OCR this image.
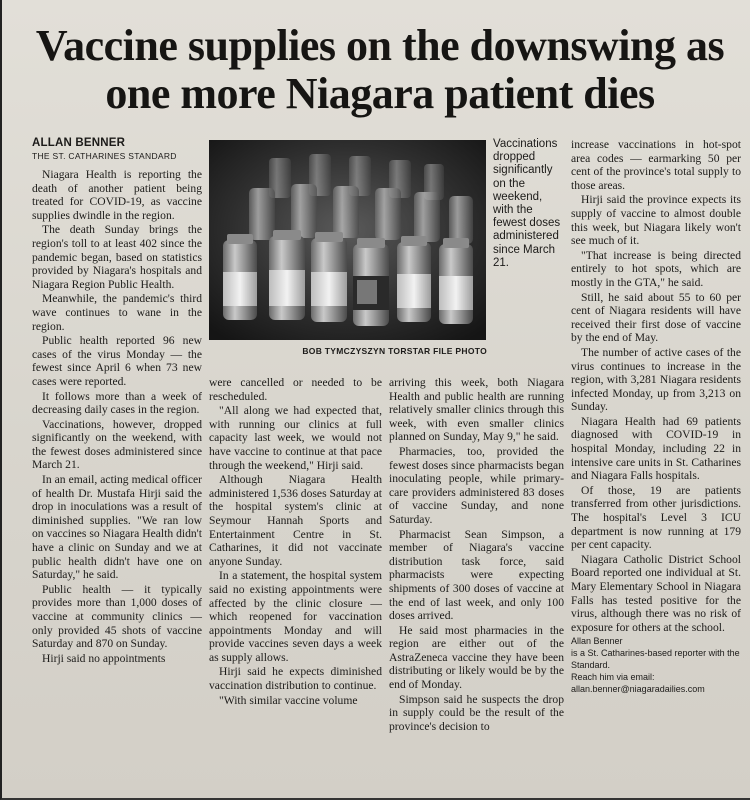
Vaccine supplies on the downswing as one more Niagara patient dies
ALLAN BENNER
THE ST. CATHARINES STANDARD

Niagara Health is reporting the death of another patient being treated for COVID-19, as vaccine supplies dwindle in the region.

The death Sunday brings the region's toll to at least 402 since the pandemic began, based on statistics provided by Niagara's hospitals and Niagara Region Public Health.

Meanwhile, the pandemic's third wave continues to wane in the region.

Public health reported 96 new cases of the virus Monday — the fewest since April 6 when 73 new cases were reported.

It follows more than a week of decreasing daily cases in the region.

Vaccinations, however, dropped significantly on the weekend, with the fewest doses administered since March 21.

In an email, acting medical officer of health Dr. Mustafa Hirji said the drop in inoculations was a result of diminished supplies. "We ran low on vaccines so Niagara Health didn't have a clinic on Sunday and we at public health didn't have one on Saturday," he said.

Public health — it typically provides more than 1,000 doses of vaccine at community clinics — only provided 45 shots of vaccine Saturday and 870 on Sunday.

Hirji said no appointments

Vaccinations dropped significantly on the weekend, with the fewest doses administered since March 21.
BOB TYMCZYSZYN TORSTAR FILE PHOTO

were cancelled or needed to be rescheduled.

"All along we had expected that, with running our clinics at full capacity last week, we would not have vaccine to continue at that pace through the weekend," Hirji said.

Although Niagara Health administered 1,536 doses Saturday at the hospital system's clinic at Seymour Hannah Sports and Entertainment Centre in St. Catharines, it did not vaccinate anyone Sunday.

In a statement, the hospital system said no existing appointments were affected by the clinic closure — which reopened for vaccination appointments Monday and will provide vaccines seven days a week as supply allows.

Hirji said he expects diminished vaccination distribution to continue.

"With similar vaccine volume

arriving this week, both Niagara Health and public health are running relatively smaller clinics through this week, with even smaller clinics planned on Sunday, May 9," he said.

Pharmacies, too, provided the fewest doses since pharmacists began inoculating people, while primary-care providers administered 83 doses of vaccine Sunday, and none Saturday.

Pharmacist Sean Simpson, a member of Niagara's vaccine distribution task force, said pharmacists were expecting shipments of 300 doses of vaccine at the end of last week, and only 100 doses arrived.

He said most pharmacies in the region are either out of the AstraZeneca vaccine they have been distributing or likely would be by the end of Monday.

Simpson said he suspects the drop in supply could be the result of the province's decision to

increase vaccinations in hot-spot area codes — earmarking 50 per cent of the province's total supply to those areas.

Hirji said the province expects its supply of vaccine to almost double this week, but Niagara likely won't see much of it.

"That increase is being directed entirely to hot spots, which are mostly in the GTA," he said.

Still, he said about 55 to 60 per cent of Niagara residents will have received their first dose of vaccine by the end of May.

The number of active cases of the virus continues to increase in the region, with 3,281 Niagara residents infected Monday, up from 3,213 on Sunday.

Niagara Health had 69 patients diagnosed with COVID-19 in hospital Monday, including 22 in intensive care units in St. Catharines and Niagara Falls hospitals.

Of those, 19 are patients transferred from other jurisdictions. The hospital's Level 3 ICU department is now running at 179 per cent capacity.

Niagara Catholic District School Board reported one individual at St. Mary Elementary School in Niagara Falls has tested positive for the virus, although there was no risk of exposure for others at the school.

Allan Benner
is a St. Catharines-based reporter with the Standard.
Reach him via email:
allan.benner@niagaradailies.com
